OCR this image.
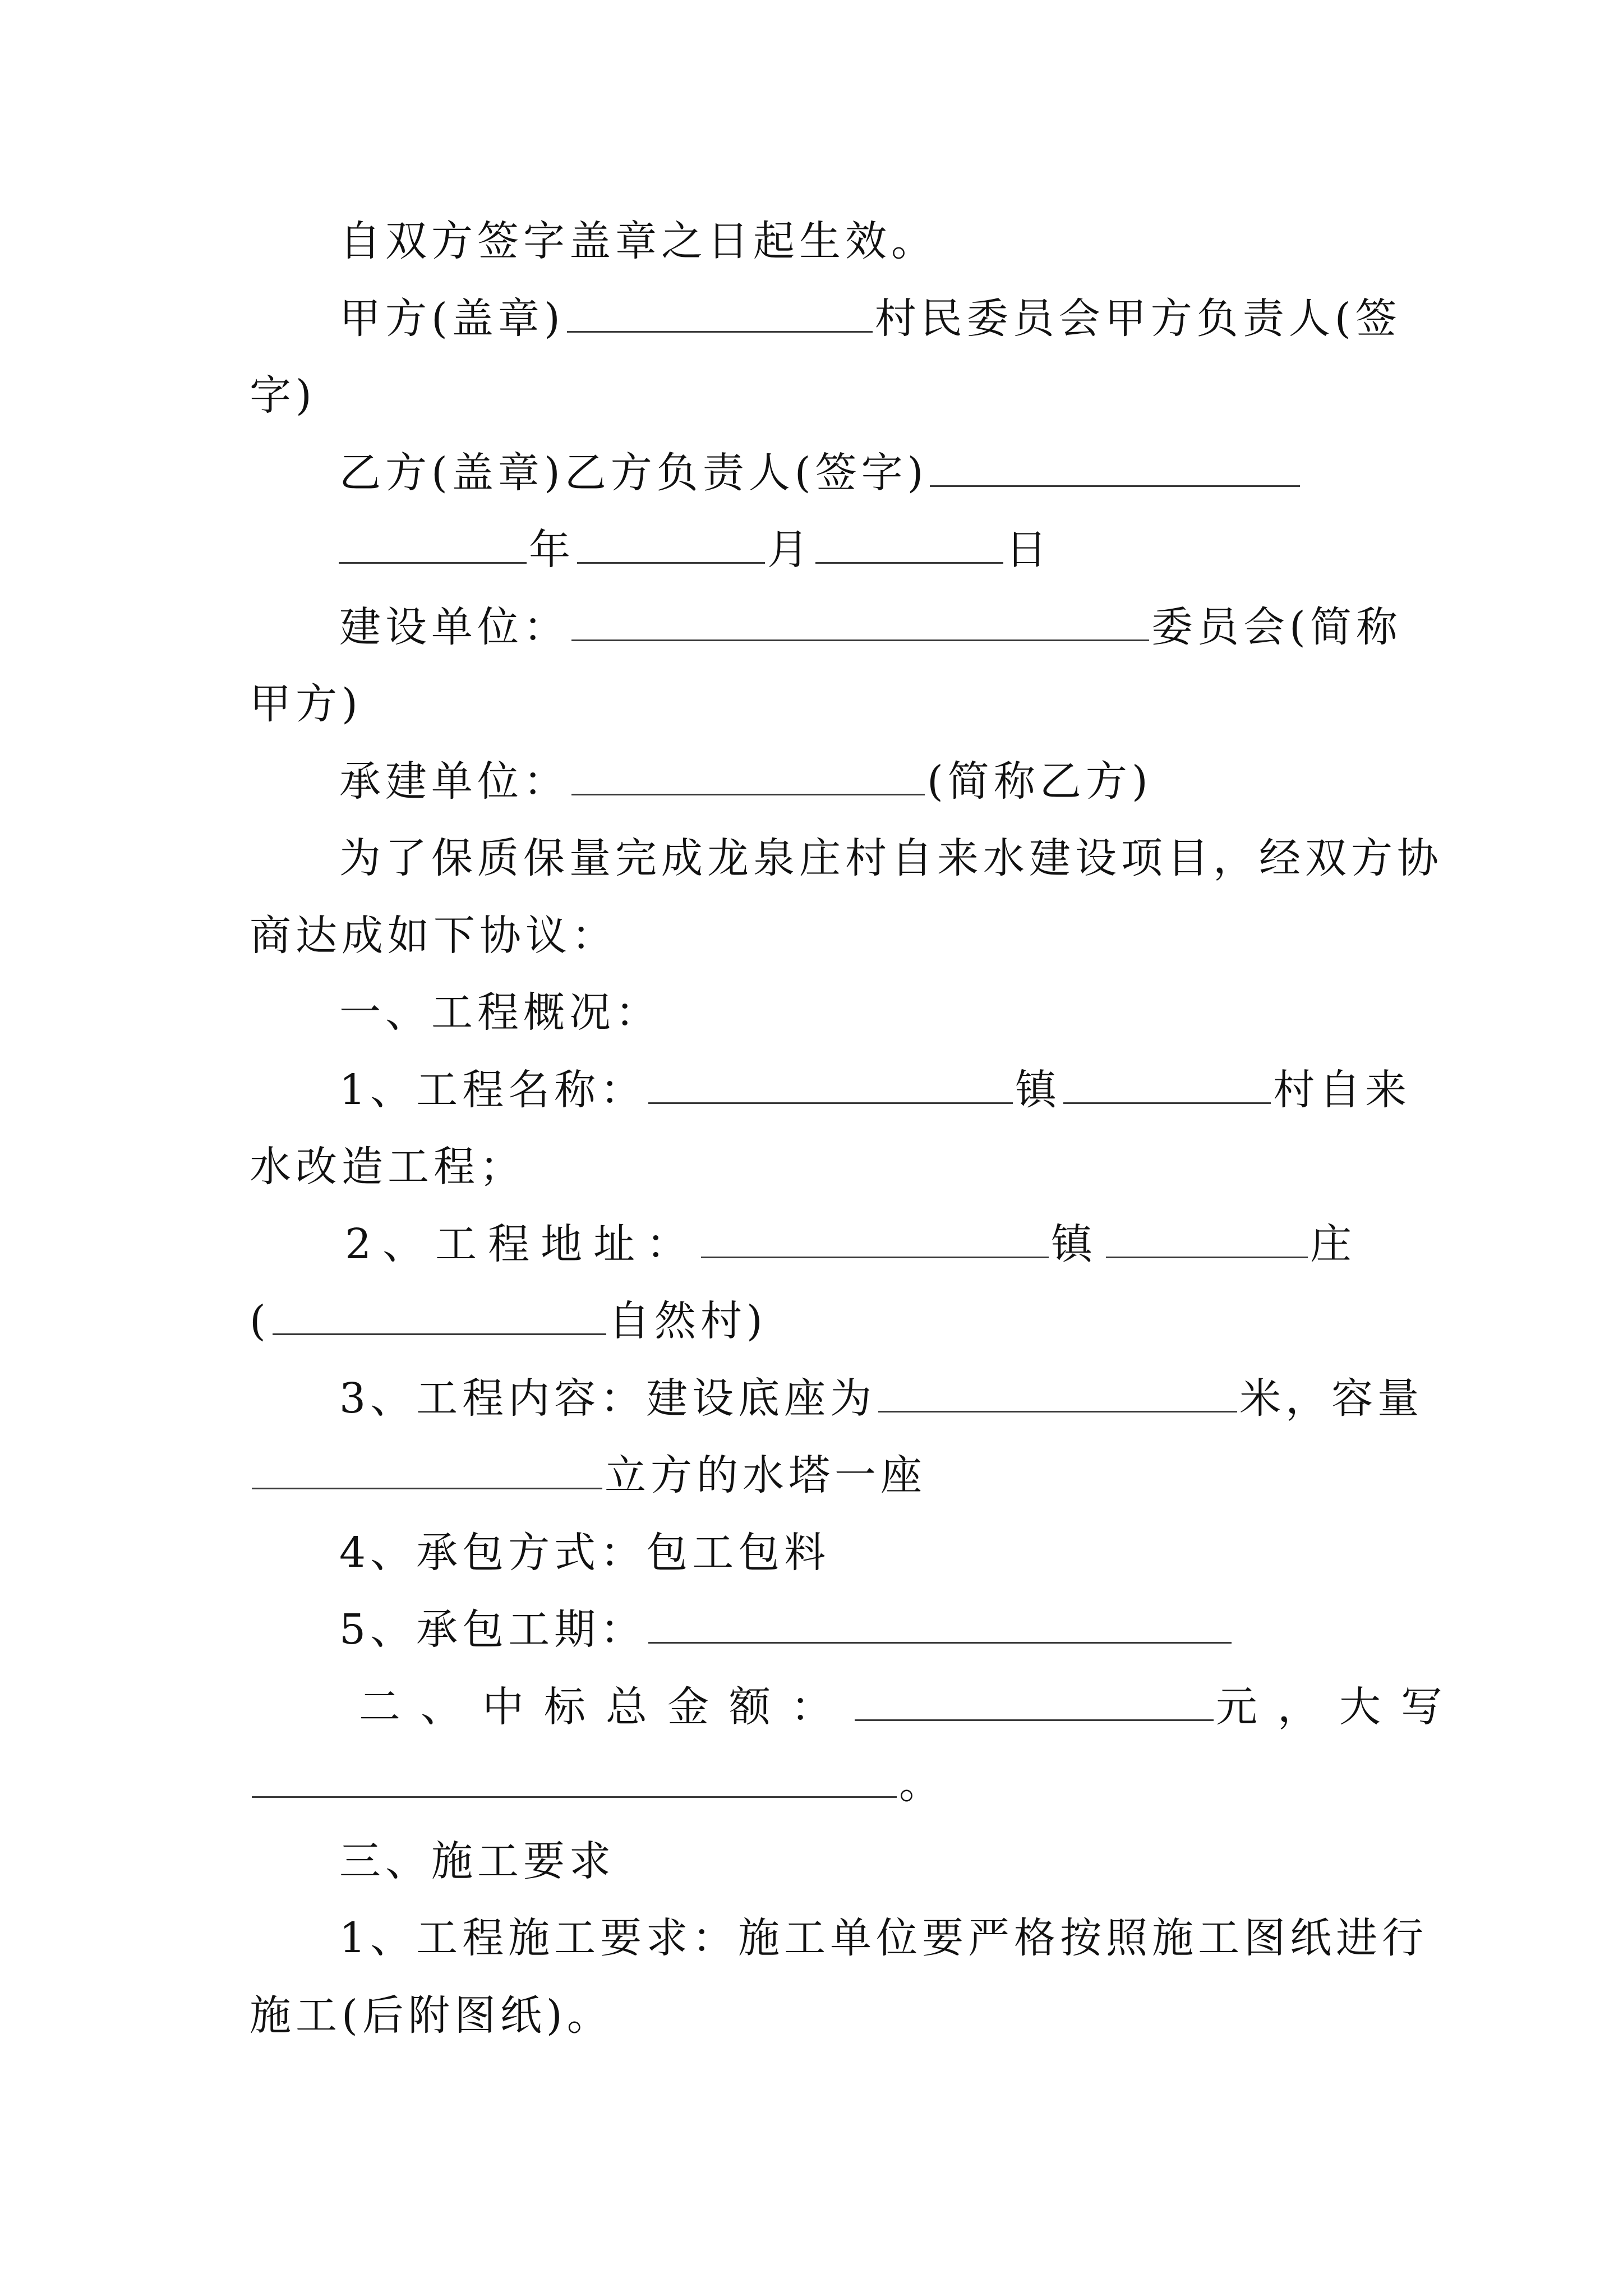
自双方签字盖章之日起生效。
甲方(盖章)	村民委员会甲方负责人(签
字)
乙方(盖章)乙方负责人(签字)
年	月	日
建设单位：	委员会(简称
甲方)
承建单位：	(简称乙方)
为了保质保量完成龙泉庄村自来水建设项目，经双方协
商达成如下协议：
一、工程概况：
1、工程名称：	镇	村自来
水改造工程；
2、工程地址：	镇	庄
(	自然村)
3、工程内容：建设底座为	米，容量
立方的水塔一座
4、承包方式：包工包料
5、承包工期：
二、中标总金额：	元，大写
。
三、施工要求
1、工程施工要求：施工单位要严格按照施工图纸进行
施工(后附图纸)。
